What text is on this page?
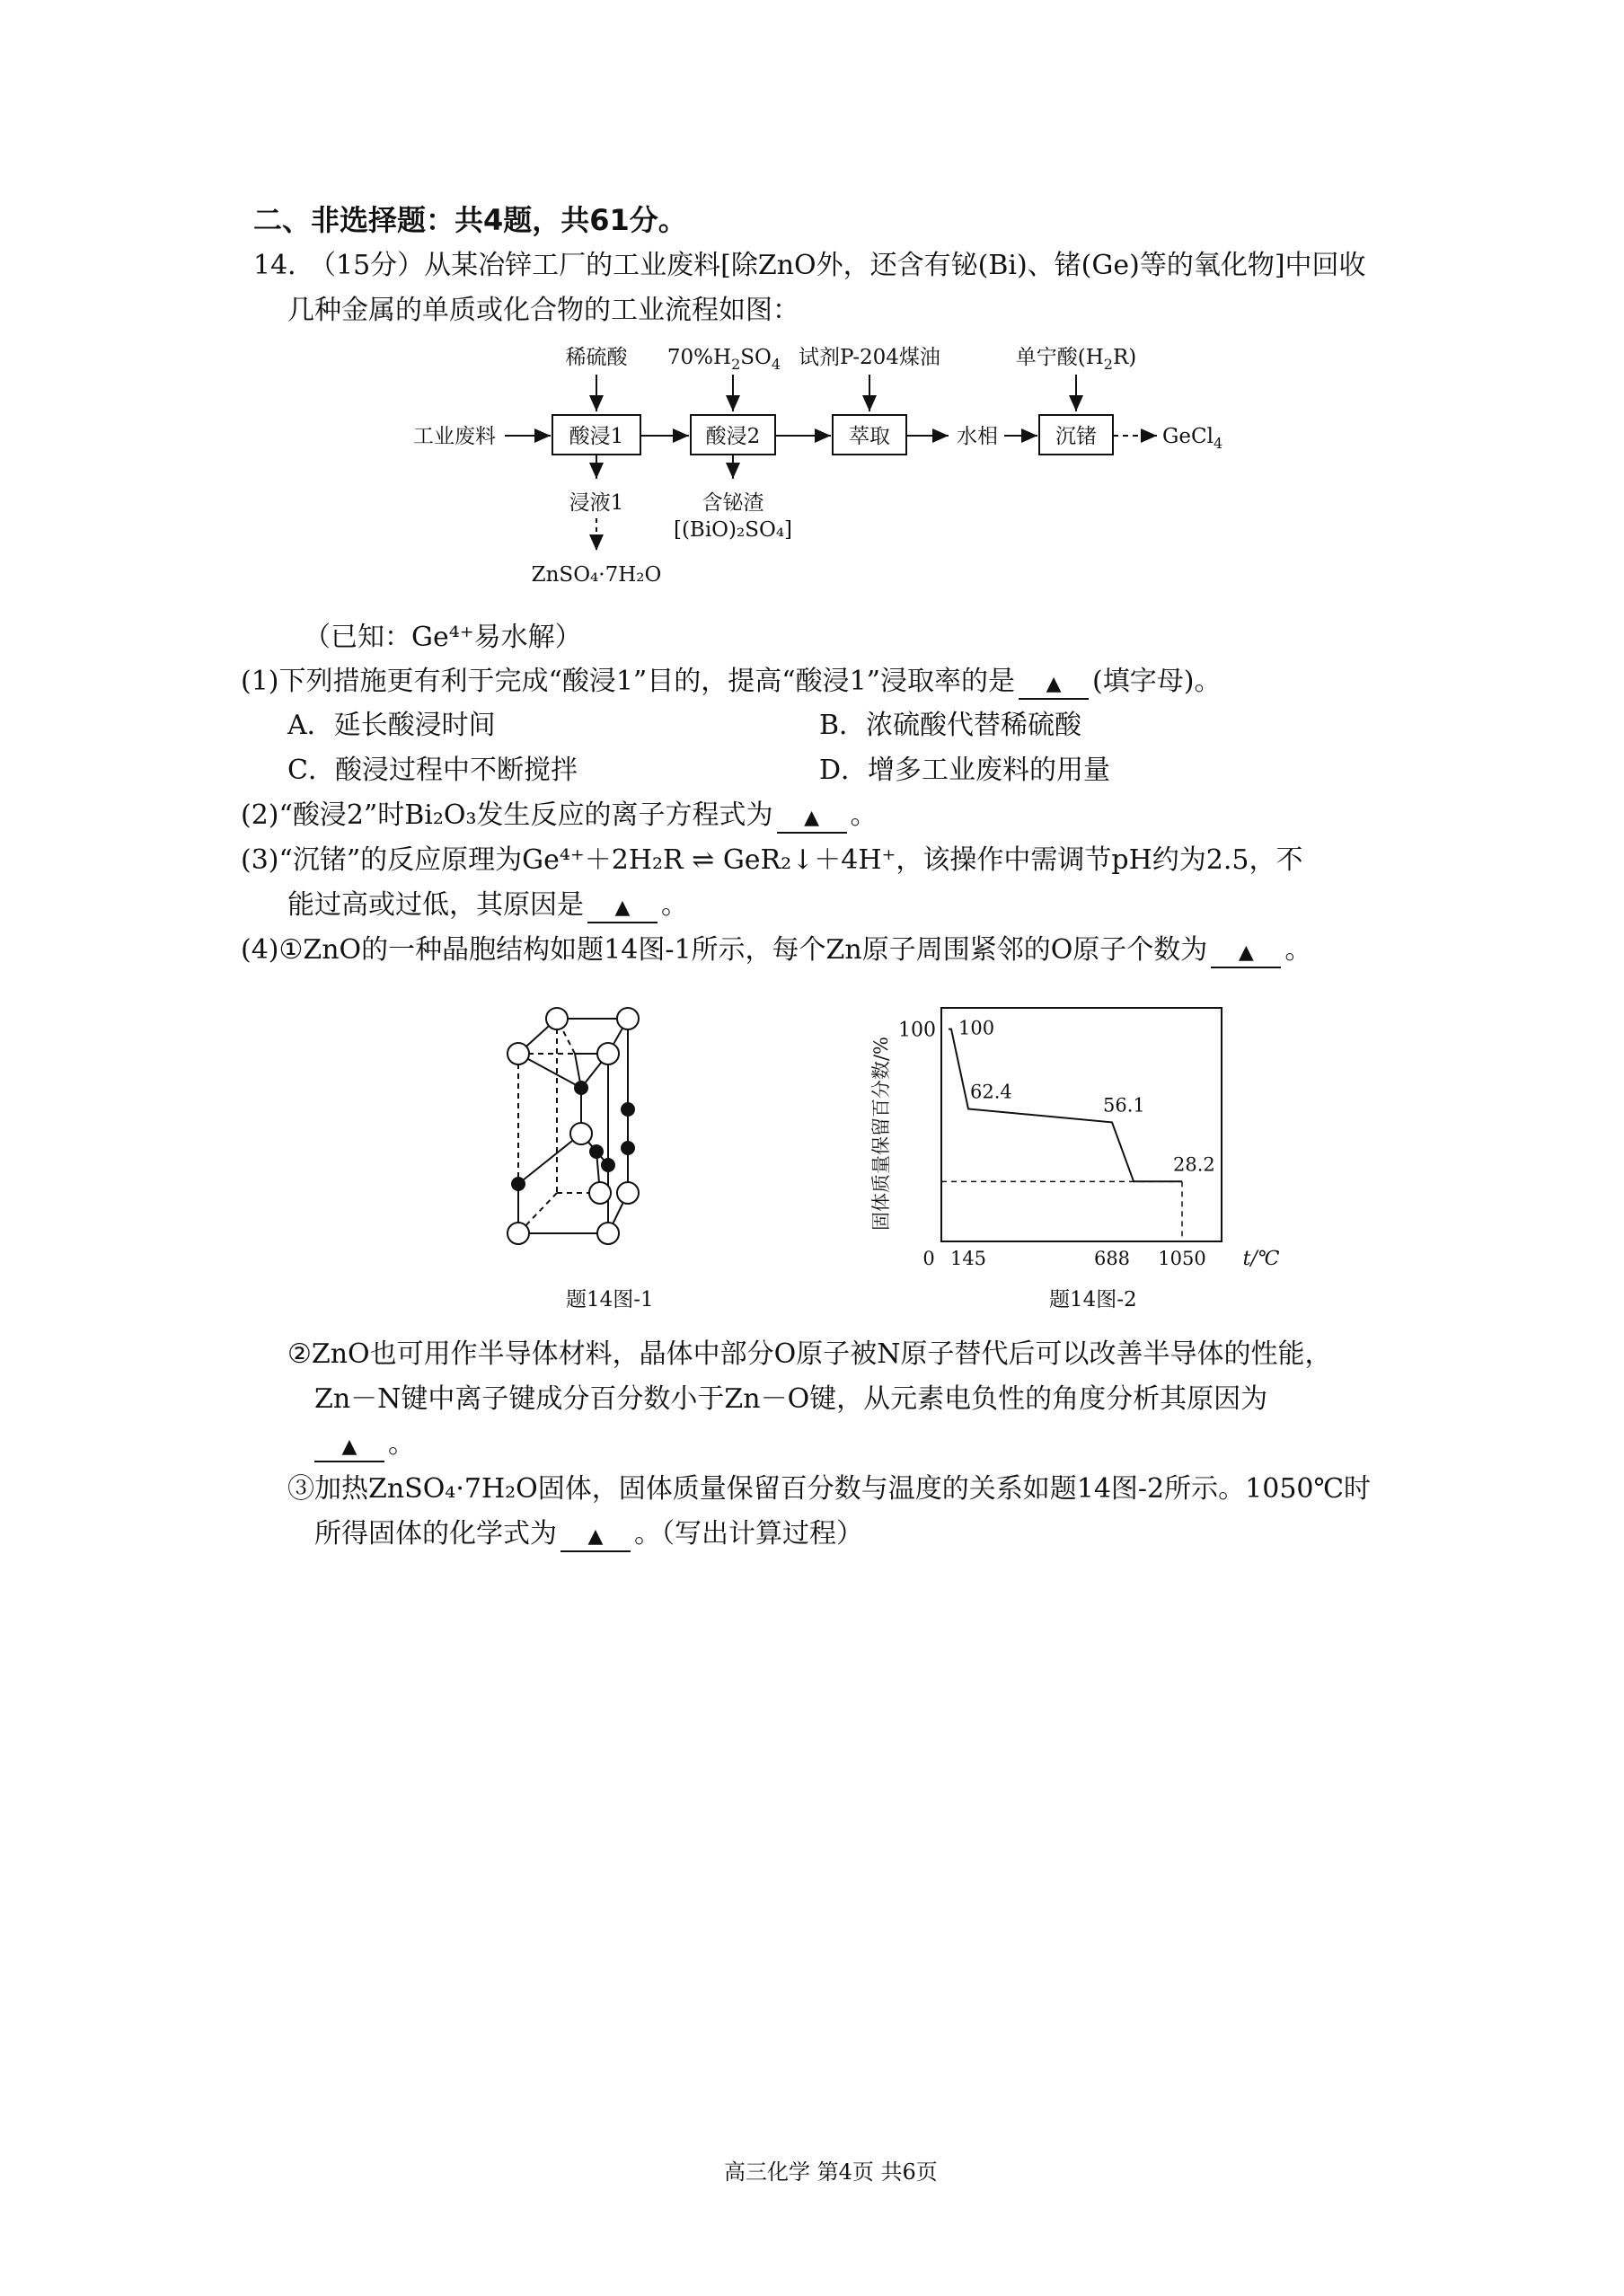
二、非选择题：共4题，共61分。
14．
（15分）从某冶锌工厂的工业废料[除ZnO外，还含有铋(Bi)、锗(Ge)等的氧化物]中回收
几种金属的单质或化合物的工业流程如图：
稀硫酸 $70\%H_2SO_4$ 试剂P-204煤油	单宁酸$(H_2R)$
工业废料	酸浸1	酸浸2	萃取	水相	沉锗	GeCl$_4$
浸液1
ZnSO₄·7H₂O
含铋渣
[(BiO)₂SO₄]
（已知：Ge⁴⁺易水解）
(1)下列措施更有利于完成“酸浸1”目的，提高“酸浸1”浸取率的是 ▲ (填字母)。
A．延长酸浸时间	B．浓硫酸代替稀硫酸
C．酸浸过程中不断搅拌	D．增多工业废料的用量
(2)“酸浸2”时Bi₂O₃发生反应的离子方程式为 ▲ 。
(3)“沉锗”的反应原理为Ge⁴⁺＋2H₂R ⇌ GeR₂↓＋4H⁺，该操作中需调节pH约为2.5，不
能过高或过低，其原因是 ▲ 。
(4)①ZnO的一种晶胞结构如题14图-1所示，每个Zn原子周围紧邻的O原子个数为 ▲ 。
题14图-1
100
0 145	688 1050 t/℃
固体质量保留百分数/%
100
62.4
56.1
28.2
题14图-2
②ZnO也可用作半导体材料，晶体中部分O原子被N原子替代后可以改善半导体的性能，
Zn－N键中离子键成分百分数小于Zn－O键，从元素电负性的角度分析其原因为
▲ 。
③加热ZnSO₄·7H₂O固体，固体质量保留百分数与温度的关系如题14图-2所示。1050℃时
所得固体的化学式为 ▲ 。（写出计算过程）
高三化学 第4页 共6页
